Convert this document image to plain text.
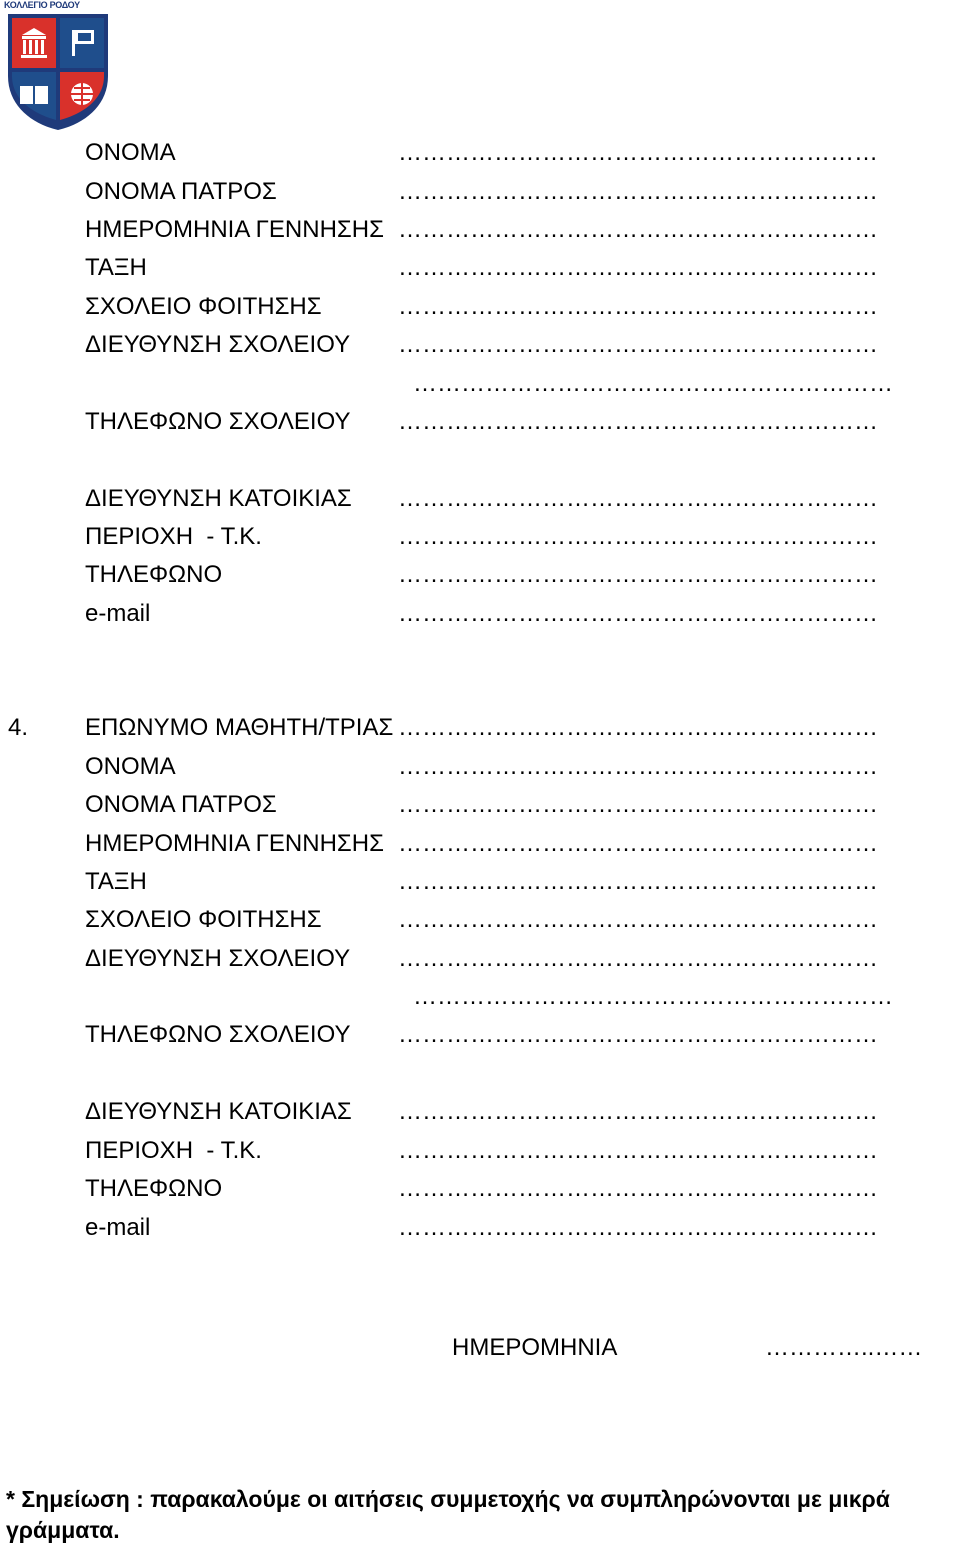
ΚΟΛΛΕΓΙΟ ΡΟΔΟΥ
ΟΝΟΜΑ	……………………………………………………
ΟΝΟΜΑ ΠΑΤΡΟΣ	……………………………………………………
ΗΜΕΡΟΜΗΝΙΑ ΓΕΝΝΗΣΗΣ ……………………………………………………
ΤΑΞΗ	……………………………………………………
ΣΧΟΛΕΙΟ ΦΟΙΤΗΣΗΣ	……………………………………………………
ΔΙΕΥΘΥΝΣΗ ΣΧΟΛΕΙΟΥ ……………………………………………………
……………………………………………………
ΤΗΛΕΦΩΝΟ ΣΧΟΛΕΙΟΥ ……………………………………………………
ΔΙΕΥΘΥΝΣΗ ΚΑΤΟΙΚΙΑΣ ……………………………………………………
ΠΕΡΙΟΧΗ  - Τ.Κ.	……………………………………………………
ΤΗΛΕΦΩΝΟ	……………………………………………………
e-mail	……………………………………………………
4. ΕΠΩΝΥΜΟ ΜΑΘΗΤΗ/ΤΡΙΑΣ ……………………………………………………
ΟΝΟΜΑ	……………………………………………………
ΟΝΟΜΑ ΠΑΤΡΟΣ	……………………………………………………
ΗΜΕΡΟΜΗΝΙΑ ΓΕΝΝΗΣΗΣ ……………………………………………………
ΤΑΞΗ	……………………………………………………
ΣΧΟΛΕΙΟ ΦΟΙΤΗΣΗΣ	……………………………………………………
ΔΙΕΥΘΥΝΣΗ ΣΧΟΛΕΙΟΥ ……………………………………………………
……………………………………………………
ΤΗΛΕΦΩΝΟ ΣΧΟΛΕΙΟΥ ……………………………………………………
ΔΙΕΥΘΥΝΣΗ ΚΑΤΟΙΚΙΑΣ ……………………………………………………
ΠΕΡΙΟΧΗ  - Τ.Κ.	……………………………………………………
ΤΗΛΕΦΩΝΟ	……………………………………………………
e-mail	……………………………………………………
ΗΜΕΡΟΜΗΝΙΑ	…………..……
* Σημείωση : παρακαλούμε οι αιτήσεις συμμετοχής να συμπληρώνονται με μικρά γράμματα.
